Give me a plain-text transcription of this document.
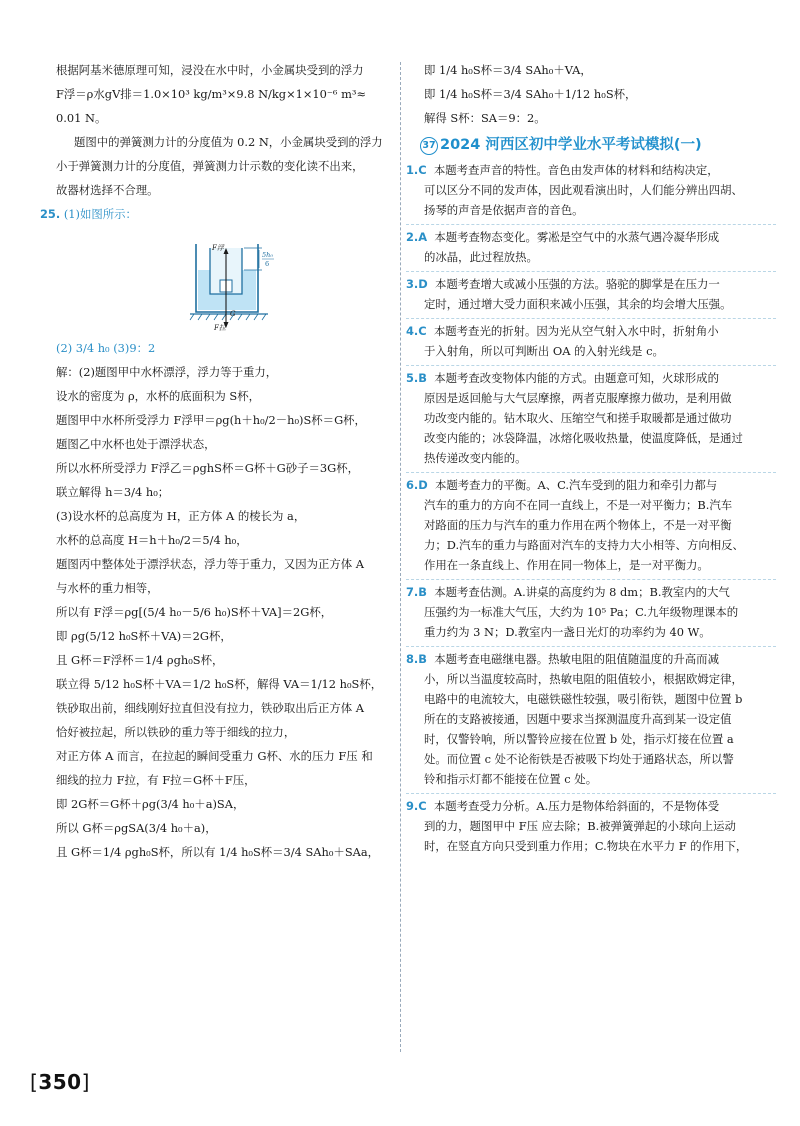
根据阿基米德原理可知，浸没在水中时，小金属块受到的浮力
F浮＝ρ水gV排＝1.0×10³ kg/m³×9.8 N/kg×1×10⁻⁶ m³≈
0.01 N。
题图中的弹簧测力计的分度值为 0.2 N，小金属块受到的浮力
小于弹簧测力计的分度值，弹簧测力计示数的变化读不出来，
故器材选择不合理。
25. (1)如图所示：
5h₀
6
F浮
G
F拉
(2) 3/4 h₀ (3)9：2
解：(2)题图甲中水杯漂浮，浮力等于重力，
设水的密度为 ρ，水杯的底面积为 S杯，
题图甲中水杯所受浮力 F浮甲＝ρg(h＋h₀/2－h₀)S杯＝G杯，
题图乙中水杯也处于漂浮状态，
所以水杯所受浮力 F浮乙＝ρghS杯＝G杯＋G砂子＝3G杯，
联立解得 h＝3/4 h₀；
(3)设水杯的总高度为 H，正方体 A 的棱长为 a，
水杯的总高度 H＝h＋h₀/2＝5/4 h₀，
题图丙中整体处于漂浮状态，浮力等于重力，又因为正方体 A
与水杯的重力相等，
所以有 F浮＝ρg[(5/4 h₀－5/6 h₀)S杯＋VA]＝2G杯，
即 ρg(5/12 h₀S杯＋VA)＝2G杯，
且 G杯＝F浮杯＝1/4 ρgh₀S杯，
联立得 5/12 h₀S杯＋VA＝1/2 h₀S杯，解得 VA＝1/12 h₀S杯，
铁砂取出前，细线刚好拉直但没有拉力，铁砂取出后正方体 A
恰好被拉起，所以铁砂的重力等于细线的拉力，
对正方体 A 而言，在拉起的瞬间受重力 G杯、水的压力 F压 和
细线的拉力 F拉，有 F拉＝G杯＋F压，
即 2G杯＝G杯＋ρg(3/4 h₀＋a)SA，
所以 G杯＝ρgSA(3/4 h₀＋a)，
且 G杯＝1/4 ρgh₀S杯，所以有 1/4 h₀S杯＝3/4 SAh₀＋SAa，
即 1/4 h₀S杯＝3/4 SAh₀＋VA，
即 1/4 h₀S杯＝3/4 SAh₀＋1/12 h₀S杯，
解得 S杯：SA＝9：2。
37 2024 河西区初中学业水平考试模拟(一)
1.C 本题考查声音的特性。音色由发声体的材料和结构决定，
可以区分不同的发声体，因此观看演出时，人们能分辨出四胡、
扬琴的声音是依据声音的音色。
2.A 本题考查物态变化。雾凇是空气中的水蒸气遇冷凝华形成
的冰晶，此过程放热。
3.D 本题考查增大或减小压强的方法。骆驼的脚掌是在压力一
定时，通过增大受力面积来减小压强，其余的均会增大压强。
4.C 本题考查光的折射。因为光从空气射入水中时，折射角小
于入射角，所以可判断出 OA 的入射光线是 c。
5.B 本题考查改变物体内能的方式。由题意可知，火球形成的
原因是返回舱与大气层摩擦，两者克服摩擦力做功，是利用做
功改变内能的。钻木取火、压缩空气和搓手取暖都是通过做功
改变内能的；冰袋降温，冰熔化吸收热量，使温度降低，是通过
热传递改变内能的。
6.D 本题考查力的平衡。A、C.汽车受到的阻力和牵引力都与
汽车的重力的方向不在同一直线上，不是一对平衡力；B.汽车
对路面的压力与汽车的重力作用在两个物体上，不是一对平衡
力；D.汽车的重力与路面对汽车的支持力大小相等、方向相反、
作用在一条直线上、作用在同一物体上，是一对平衡力。
7.B 本题考查估测。A.讲桌的高度约为 8 dm；B.教室内的大气
压强约为一标准大气压，大约为 10⁵ Pa；C.九年级物理课本的
重力约为 3 N；D.教室内一盏日光灯的功率约为 40 W。
8.B 本题考查电磁继电器。热敏电阻的阻值随温度的升高而减
小，所以当温度较高时，热敏电阻的阻值较小，根据欧姆定律，
电路中的电流较大，电磁铁磁性较强，吸引衔铁，题图中位置 b
所在的支路被接通，因题中要求当探测温度升高到某一设定值
时，仅警铃响，所以警铃应接在位置 b 处，指示灯接在位置 a
处。而位置 c 处不论衔铁是否被吸下均处于通路状态，所以警
铃和指示灯都不能接在位置 c 处。
9.C 本题考查受力分析。A.压力是物体给斜面的，不是物体受
到的力，题图甲中 F压 应去除；B.被弹簧弹起的小球向上运动
时，在竖直方向只受到重力作用；C.物块在水平力 F 的作用下，
[350]
